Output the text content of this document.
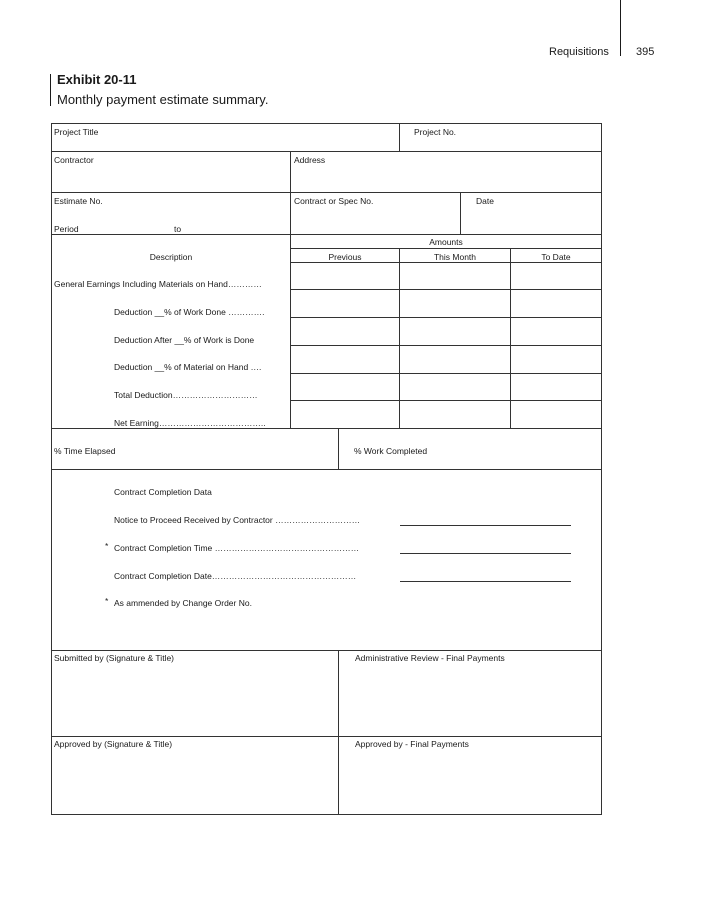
Requisitions 395
Exhibit 20-11
Monthly payment estimate summary.
Project Title	Project No.
Contractor	Address
Estimate No.	Contract or Spec No.	Date
Period	to
Amounts
Description	Previous	This Month	To Date
General Earnings Including Materials on Hand…………
Deduction __% of Work Done ………….
Deduction After __% of Work is Done
Deduction __% of Material on Hand ….
Total Deduction…………………………
Net Earning………………………………..
% Time Elapsed	% Work Completed
Contract Completion Data
Notice to Proceed Received by Contractor …………………………
* Contract Completion Time ……………………………………………
Contract Completion Date……………………………………………
* As ammended by Change Order No.
Submitted by (Signature & Title)	Administrative Review - Final Payments
Approved by (Signature & Title)	Approved by - Final Payments
